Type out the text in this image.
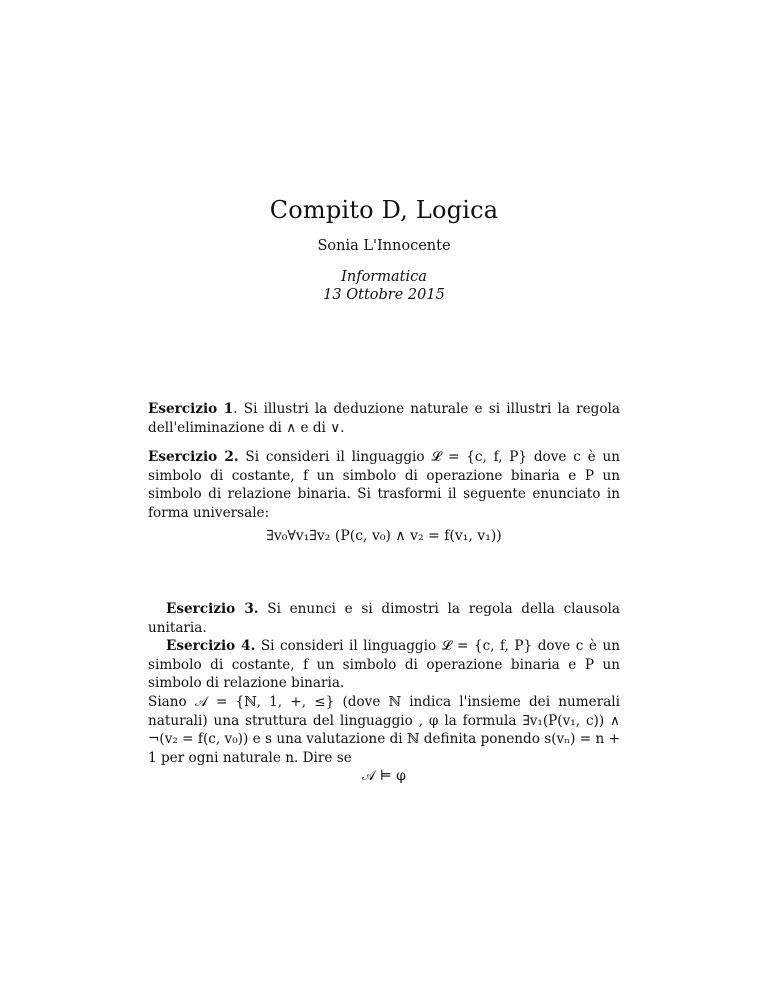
Compito D, Logica
Sonia L'Innocente
Informatica
13 Ottobre 2015
Esercizio 1. Si illustri la deduzione naturale e si illustri la regola dell'eliminazione di ∧ e di ∨.
Esercizio 2. Si consideri il linguaggio 𝓛 = {c, f, P} dove c è un simbolo di costante, f un simbolo di operazione binaria e P un simbolo di relazione binaria. Si trasformi il seguente enunciato in forma universale:
∃v₀∀v₁∃v₂ (P(c, v₀) ∧ v₂ = f(v₁, v₁))
Esercizio 3. Si enunci e si dimostri la regola della clausola unitaria.
Esercizio 4. Si consideri il linguaggio 𝓛 = {c, f, P} dove c è un simbolo di costante, f un simbolo di operazione binaria e P un simbolo di relazione binaria.
Siano 𝒜 = {ℕ, 1, +, ≤} (dove ℕ indica l'insieme dei numerali naturali) una struttura del linguaggio , φ la formula ∃v₁(P(v₁, c)) ∧ ¬(v₂ = f(c, v₀)) e s una valutazione di ℕ definita ponendo s(vₙ) = n + 1 per ogni naturale n. Dire se
𝒜 ⊨ φ
